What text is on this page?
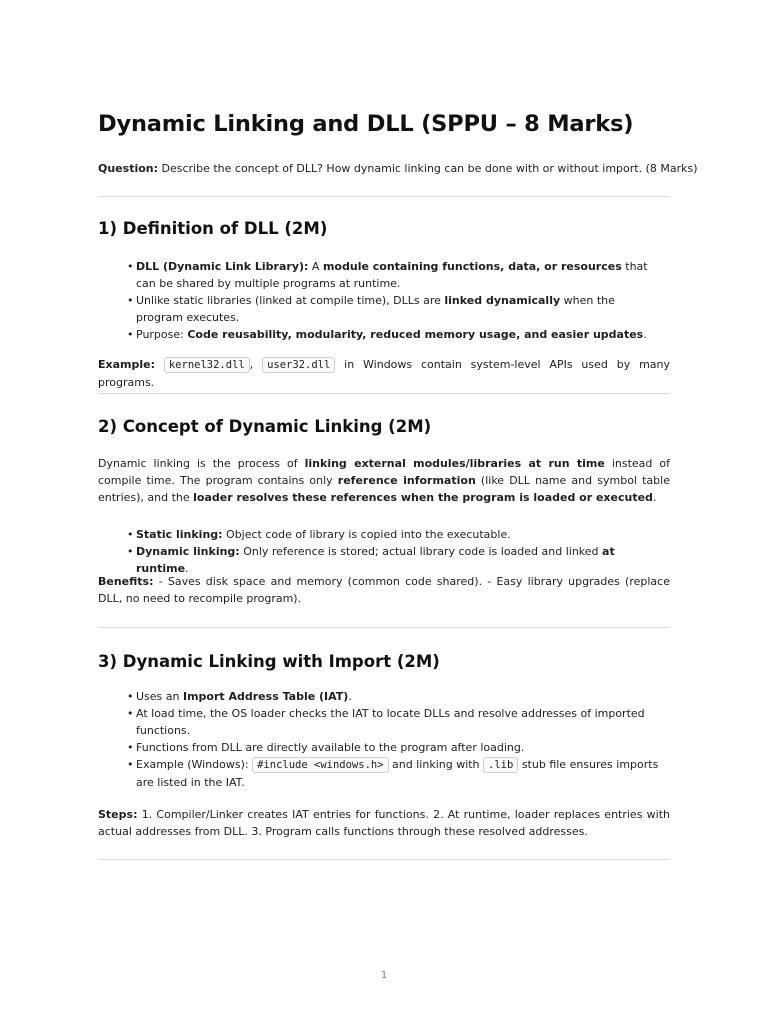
Dynamic Linking and DLL (SPPU – 8 Marks)

Question: Describe the concept of DLL? How dynamic linking can be done with or without import. (8 Marks)

1) Definition of DLL (2M)
• DLL (Dynamic Link Library): A module containing functions, data, or resources that can be shared by multiple programs at runtime.
• Unlike static libraries (linked at compile time), DLLs are linked dynamically when the program executes.
• Purpose: Code reusability, modularity, reduced memory usage, and easier updates.

Example: kernel32.dll , user32.dll in Windows contain system-level APIs used by many programs.

2) Concept of Dynamic Linking (2M)

Dynamic linking is the process of linking external modules/libraries at run time instead of compile time. The program contains only reference information (like DLL name and symbol table entries), and the loader resolves these references when the program is loaded or executed.

• Static linking: Object code of library is copied into the executable.
• Dynamic linking: Only reference is stored; actual library code is loaded and linked at runtime.

Benefits: - Saves disk space and memory (common code shared). - Easy library upgrades (replace DLL, no need to recompile program).

3) Dynamic Linking with Import (2M)
• Uses an Import Address Table (IAT).
• At load time, the OS loader checks the IAT to locate DLLs and resolve addresses of imported functions.
• Functions from DLL are directly available to the program after loading.
• Example (Windows): #include <windows.h> and linking with .lib stub file ensures imports are listed in the IAT.

Steps: 1. Compiler/Linker creates IAT entries for functions. 2. At runtime, loader replaces entries with actual addresses from DLL. 3. Program calls functions through these resolved addresses.

1
